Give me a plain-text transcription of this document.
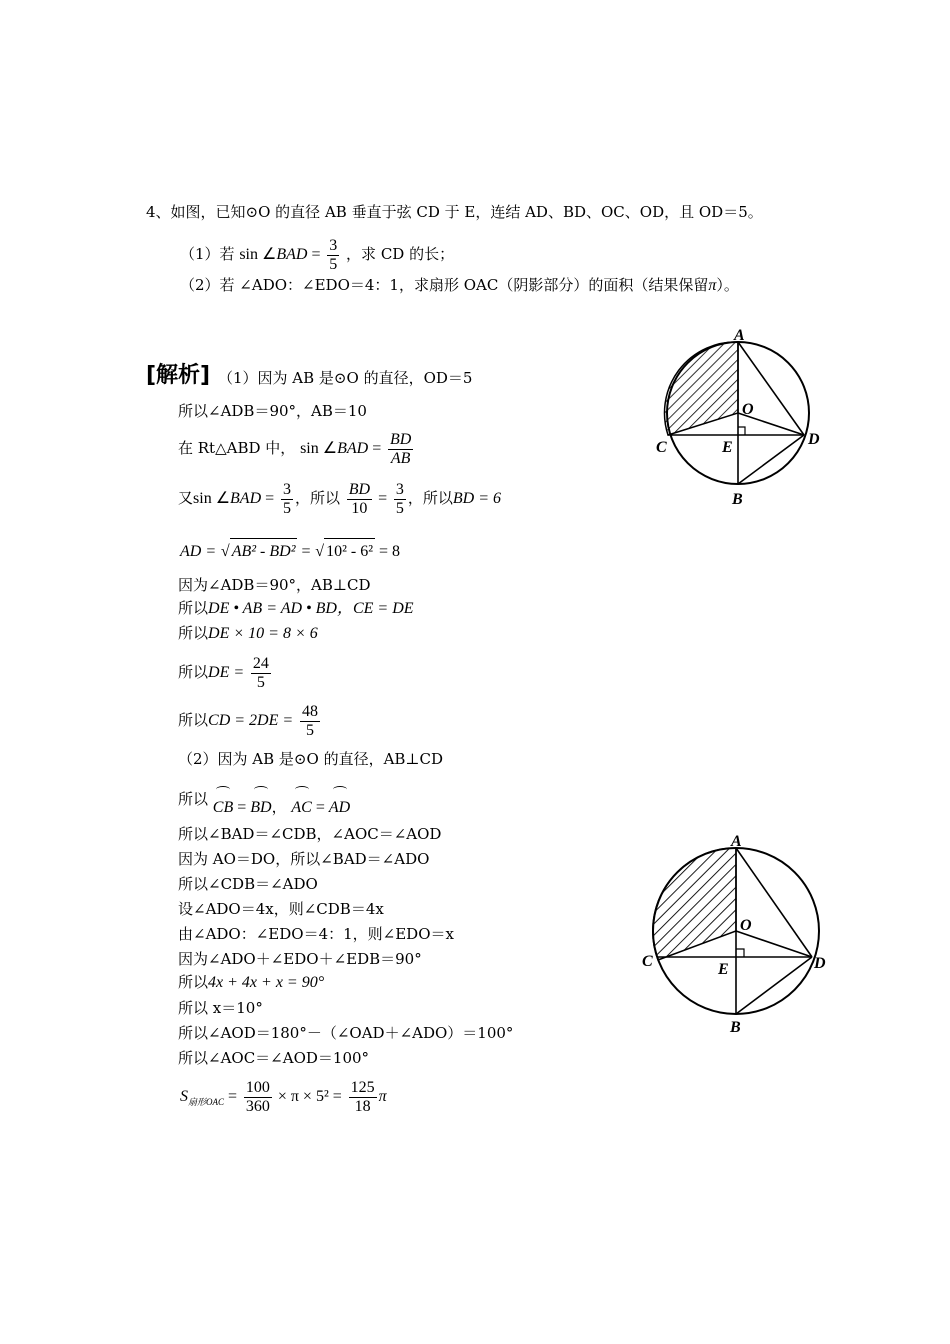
4、如图，已知⊙O 的直径 AB 垂直于弦 CD 于 E，连结 AD、BD、OC、OD，且 OD＝5。
（1）若 sin ∠BAD = $\frac{3}{5}$ ，求 CD 的长；
（2）若 ∠ADO：∠EDO＝4：1，求扇形 OAC（阴影部分）的面积（结果保留π）。
[解析] （1）因为 AB 是⊙O 的直径，OD＝5
所以∠ADB＝90°，AB＝10
在 Rt△ABD 中， sin ∠BAD = $\frac{BD}{AB}$
又sin ∠BAD = $\frac{3}{5}$ ，所以 $\frac{BD}{10} = \frac{3}{5}$ ，所以BD = 6
AD = √ AB² - BD² = √ 10² - 6² = 8
因为∠ADB＝90°，AB⊥CD
所以DE • AB = AD • BD，CE = DE
所以DE × 10 = 8 × 6
所以DE = $\frac{24}{5}$
所以CD = $2DE = \frac{48}{5}$
（2）因为 AB 是⊙O 的直径，AB⊥CD
所以 CB =
BD， AC =
AD
所以∠BAD＝∠CDB，∠AOC＝∠AOD
因为 AO＝DO，所以∠BAD＝∠ADO
所以∠CDB＝∠ADO
设∠ADO＝4x，则∠CDB＝4x
由∠ADO：∠EDO＝4：1，则∠EDO＝x
因为∠ADO＋∠EDO＋∠EDB＝90°
所以4x + 4x + x = 90°
所以 x＝10°
所以∠AOD＝180°－（∠OAD＋∠ADO）＝100°
所以∠AOC＝∠AOD＝100°
$S_{扇形OAC} = \frac{100}{360} \times \pi \times 5^2 = \frac{125}{18}$ π
A
O
C	E	D
B
A
O
C	E	D
B
